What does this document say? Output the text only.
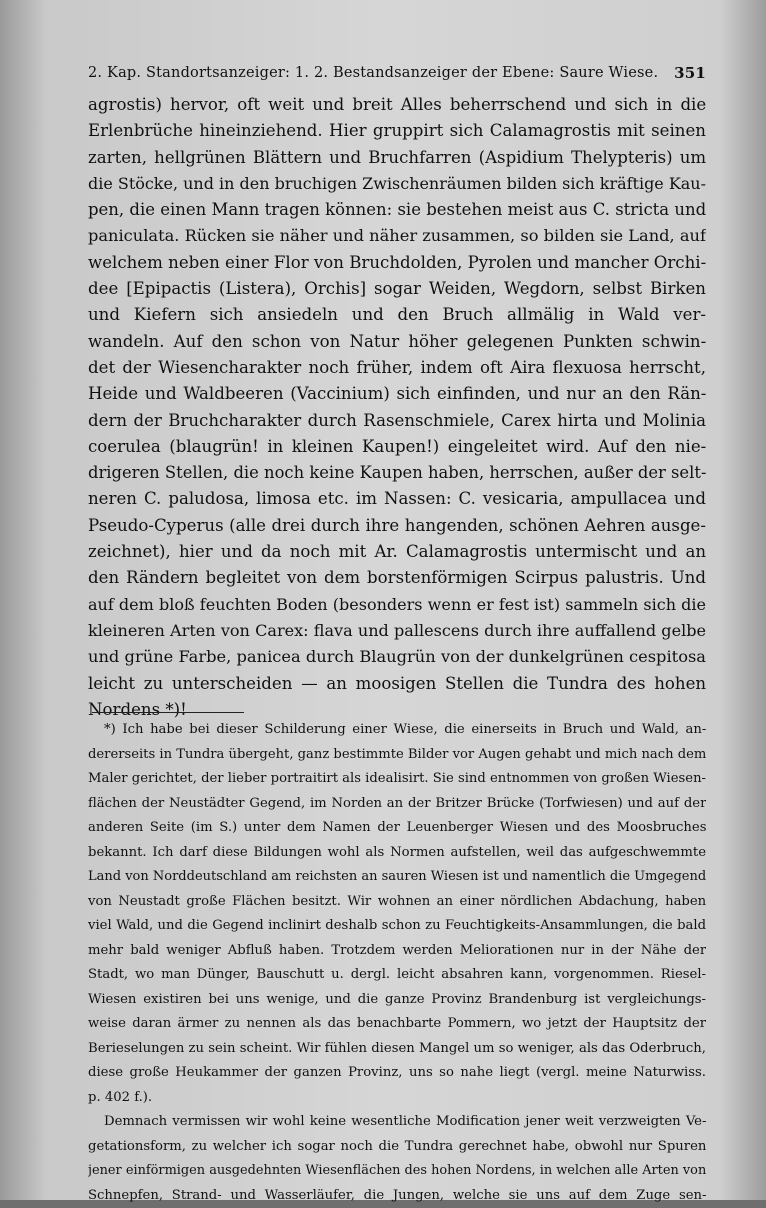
2. Kap. Standortsanzeiger: 1. 2. Bestandsanzeiger der Ebene: Saure Wiese. 351
agrostis) hervor, oft weit und breit Alles beherrschend und sich in die
Erlenbrüche hineinziehend. Hier gruppirt sich Calamagrostis mit seinen
zarten, hellgrünen Blättern und Bruchfarren (Aspidium Thelypteris) um
die Stöcke, und in den bruchigen Zwischenräumen bilden sich kräftige Kau-
pen, die einen Mann tragen können: sie bestehen meist aus C. stricta und
paniculata. Rücken sie näher und näher zusammen, so bilden sie Land, auf
welchem neben einer Flor von Bruchdolden, Pyrolen und mancher Orchi-
dee [Epipactis (Listera), Orchis] sogar Weiden, Wegdorn, selbst Birken
und Kiefern sich ansiedeln und den Bruch allmälig in Wald ver-
wandeln. Auf den schon von Natur höher gelegenen Punkten schwin-
det der Wiesencharakter noch früher, indem oft Aira flexuosa herrscht,
Heide und Waldbeeren (Vaccinium) sich einfinden, und nur an den Rän-
dern der Bruchcharakter durch Rasenschmiele, Carex hirta und Molinia
coerulea (blaugrün! in kleinen Kaupen!) eingeleitet wird. Auf den nie-
drigeren Stellen, die noch keine Kaupen haben, herrschen, außer der selt-
neren C. paludosa, limosa etc. im Nassen: C. vesicaria, ampullacea und
Pseudo-Cyperus (alle drei durch ihre hangenden, schönen Aehren ausge-
zeichnet), hier und da noch mit Ar. Calamagrostis untermischt und an
den Rändern begleitet von dem borstenförmigen Scirpus palustris. Und
auf dem bloß feuchten Boden (besonders wenn er fest ist) sammeln sich die
kleineren Arten von Carex: flava und pallescens durch ihre auffallend gelbe
und grüne Farbe, panicea durch Blaugrün von der dunkelgrünen cespitosa
leicht zu unterscheiden — an moosigen Stellen die Tundra des hohen
Nordens *)!
*) Ich habe bei dieser Schilderung einer Wiese, die einerseits in Bruch und Wald, an-
dererseits in Tundra übergeht, ganz bestimmte Bilder vor Augen gehabt und mich nach dem
Maler gerichtet, der lieber portraitirt als idealisirt. Sie sind entnommen von großen Wiesen-
flächen der Neustädter Gegend, im Norden an der Britzer Brücke (Torfwiesen) und auf der
anderen Seite (im S.) unter dem Namen der Leuenberger Wiesen und des Moosbruches
bekannt. Ich darf diese Bildungen wohl als Normen aufstellen, weil das aufgeschwemmte
Land von Norddeutschland am reichsten an sauren Wiesen ist und namentlich die Umgegend
von Neustadt große Flächen besitzt. Wir wohnen an einer nördlichen Abdachung, haben
viel Wald, und die Gegend inclinirt deshalb schon zu Feuchtigkeits-Ansammlungen, die bald
mehr bald weniger Abfluß haben. Trotzdem werden Meliorationen nur in der Nähe der
Stadt, wo man Dünger, Bauschutt u. dergl. leicht absahren kann, vorgenommen. Riesel-
Wiesen existiren bei uns wenige, und die ganze Provinz Brandenburg ist vergleichungs-
weise daran ärmer zu nennen als das benachbarte Pommern, wo jetzt der Hauptsitz der
Berieselungen zu sein scheint. Wir fühlen diesen Mangel um so weniger, als das Oderbruch,
diese große Heukammer der ganzen Provinz, uns so nahe liegt (vergl. meine Naturwiss.
p. 402 f.).
Demnach vermissen wir wohl keine wesentliche Modification jener weit verzweigten Ve-
getationsform, zu welcher ich sogar noch die Tundra gerechnet habe, obwohl nur Spuren
jener einförmigen ausgedehnten Wiesenflächen des hohen Nordens, in welchen alle Arten von
Schnepfen, Strand- und Wasserläufer, die Jungen, welche sie uns auf dem Zuge sen-
